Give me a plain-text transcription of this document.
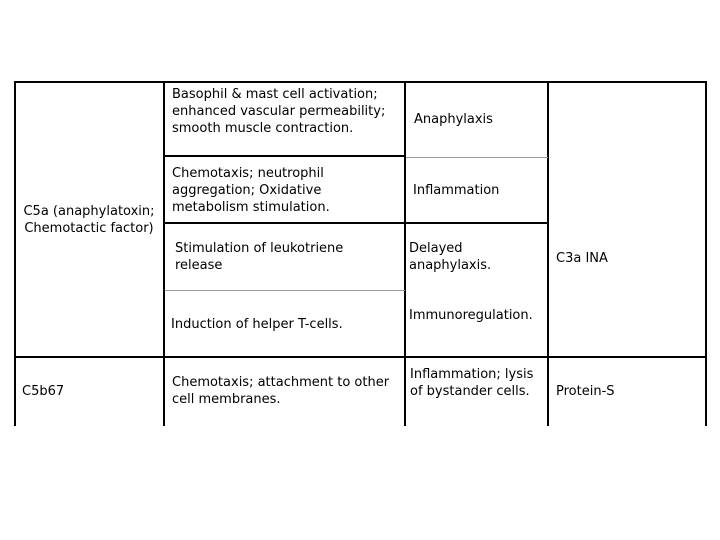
C5a (anaphylatoxin; Chemotactic factor)
C5b67
Basophil & mast cell activation; enhanced vascular permeability; smooth muscle contraction.
Chemotaxis; neutrophil aggregation; Oxidative metabolism stimulation.
Stimulation of leukotriene release
Induction of helper T-cells.
Chemotaxis; attachment to other cell membranes.
Anaphylaxis
Inflammation
Delayed anaphylaxis.
Immunoregulation.
Inflammation; lysis of bystander cells.
C3a INA
Protein-S
